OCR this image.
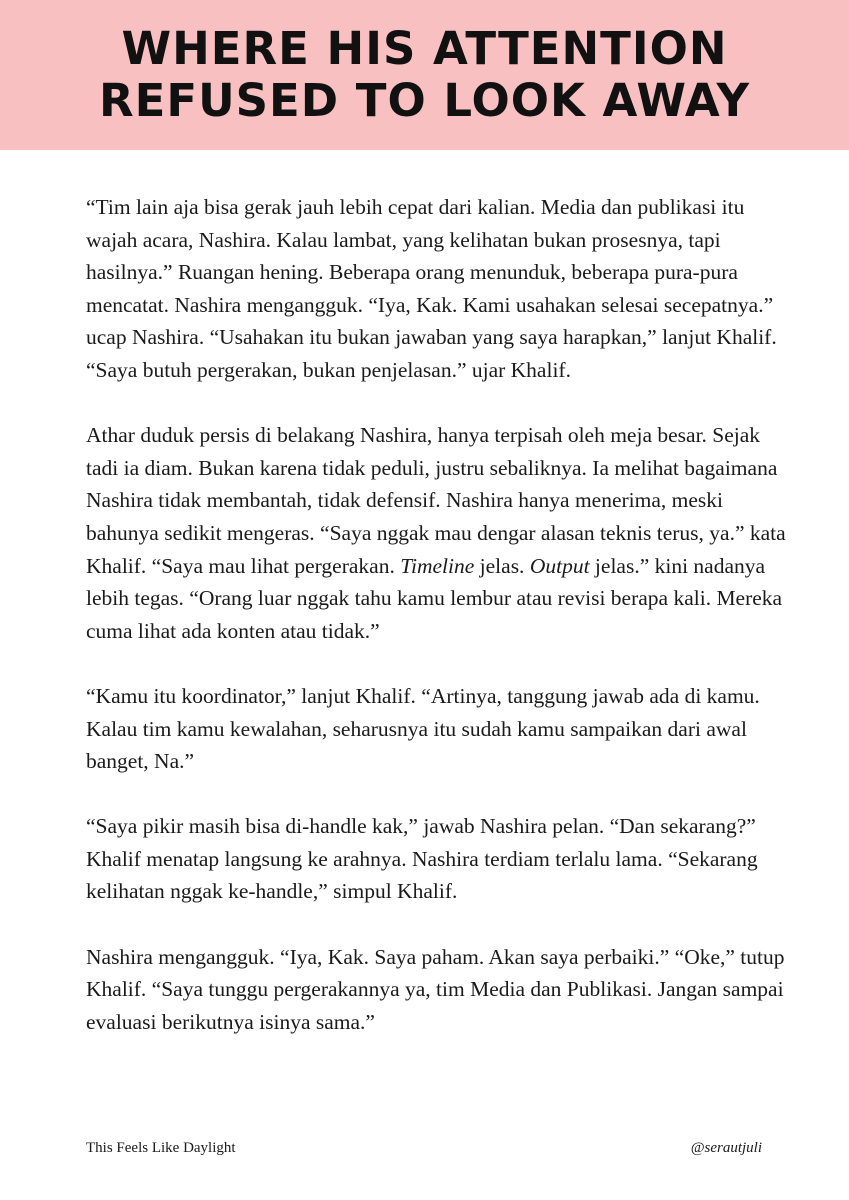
WHERE HIS ATTENTION
REFUSED TO LOOK AWAY

“Tim lain aja bisa gerak jauh lebih cepat dari kalian. Media dan publikasi itu wajah acara, Nashira. Kalau lambat, yang kelihatan bukan prosesnya, tapi hasilnya.” Ruangan hening. Beberapa orang menunduk, beberapa pura-pura mencatat. Nashira mengangguk. “Iya, Kak. Kami usahakan selesai secepatnya.” ucap Nashira. “Usahakan itu bukan jawaban yang saya harapkan,” lanjut Khalif. “Saya butuh pergerakan, bukan penjelasan.” ujar Khalif.

Athar duduk persis di belakang Nashira, hanya terpisah oleh meja besar. Sejak tadi ia diam. Bukan karena tidak peduli, justru sebaliknya. Ia melihat bagaimana Nashira tidak membantah, tidak defensif. Nashira hanya menerima, meski bahunya sedikit mengeras. “Saya nggak mau dengar alasan teknis terus, ya.” kata Khalif. “Saya mau lihat pergerakan. Timeline jelas. Output jelas.” kini nadanya lebih tegas. “Orang luar nggak tahu kamu lembur atau revisi berapa kali. Mereka cuma lihat ada konten atau tidak.”

“Kamu itu koordinator,” lanjut Khalif. “Artinya, tanggung jawab ada di kamu. Kalau tim kamu kewalahan, seharusnya itu sudah kamu sampaikan dari awal banget, Na.”

“Saya pikir masih bisa di-handle kak,” jawab Nashira pelan. “Dan sekarang?” Khalif menatap langsung ke arahnya. Nashira terdiam terlalu lama. “Sekarang kelihatan nggak ke-handle,” simpul Khalif.

Nashira mengangguk. “Iya, Kak. Saya paham. Akan saya perbaiki.” “Oke,” tutup Khalif. “Saya tunggu pergerakannya ya, tim Media dan Publikasi. Jangan sampai evaluasi berikutnya isinya sama.”

This Feels Like Daylight	@serautjuli
